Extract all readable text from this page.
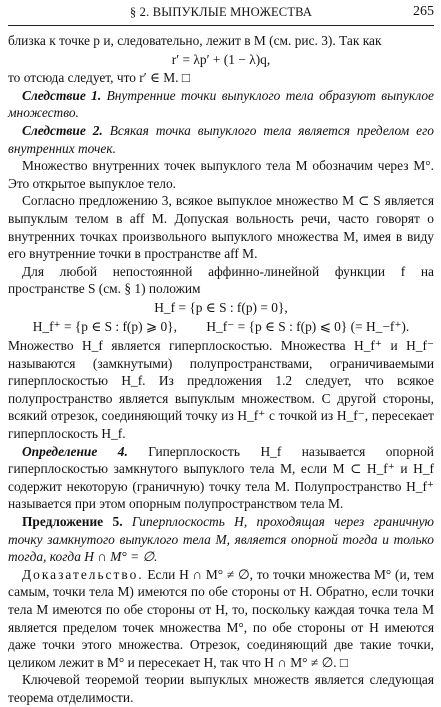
§ 2. ВЫПУКЛЫЕ МНОЖЕСТВА	265

близка к точке p и, следовательно, лежит в M (см. рис. 3). Так как

r′ = λp′ + (1 − λ)q,

то отсюда следует, что r′ ∈ M. □

Следствие 1. Внутренние точки выпуклого тела образуют выпуклое множество.

Следствие 2. Всякая точка выпуклого тела является пределом его внутренних точек.

Множество внутренних точек выпуклого тела M обозначим через M°. Это открытое выпуклое тело.

Согласно предложению 3, всякое выпуклое множество M ⊂ S является выпуклым телом в aff M. Допуская вольность речи, часто говорят о внутренних точках произвольного выпуклого множества M, имея в виду его внутренние точки в пространстве aff M.

Для любой непостоянной аффинно-линейной функции f на пространстве S (см. § 1) положим

H_f = {p ∈ S : f(p) = 0},
H_f⁺ = {p ∈ S : f(p) ⩾ 0}, H_f⁻ = {p ∈ S : f(p) ⩽ 0} (= H_−f⁺).

Множество H_f является гиперплоскостью. Множества H_f⁺ и H_f⁻ называются (замкнутыми) полупространствами, ограничиваемыми гиперплоскостью H_f. Из предложения 1.2 следует, что всякое полупространство является выпуклым множеством. С другой стороны, всякий отрезок, соединяющий точку из H_f⁺ с точкой из H_f⁻, пересекает гиперплоскость H_f.

Определение 4. Гиперплоскость H_f называется опорной гиперплоскостью замкнутого выпуклого тела M, если M ⊂ H_f⁺ и H_f содержит некоторую (граничную) точку тела M. Полупространство H_f⁺ называется при этом опорным полупространством тела M.

Предложение 5. Гиперплоскость H, проходящая через граничную точку замкнутого выпуклого тела M, является опорной тогда и только тогда, когда H ∩ M° = ∅.

Доказательство. Если H ∩ M° ≠ ∅, то точки множества M° (и, тем самым, точки тела M) имеются по обе стороны от H. Обратно, если точки тела M имеются по обе стороны от H, то, поскольку каждая точка тела M является пределом точек множества M°, по обе стороны от H имеются даже точки этого множества. Отрезок, соединяющий две такие точки, целиком лежит в M° и пересекает H, так что H ∩ M° ≠ ∅. □

Ключевой теоремой теории выпуклых множеств является следующая теорема отделимости.
